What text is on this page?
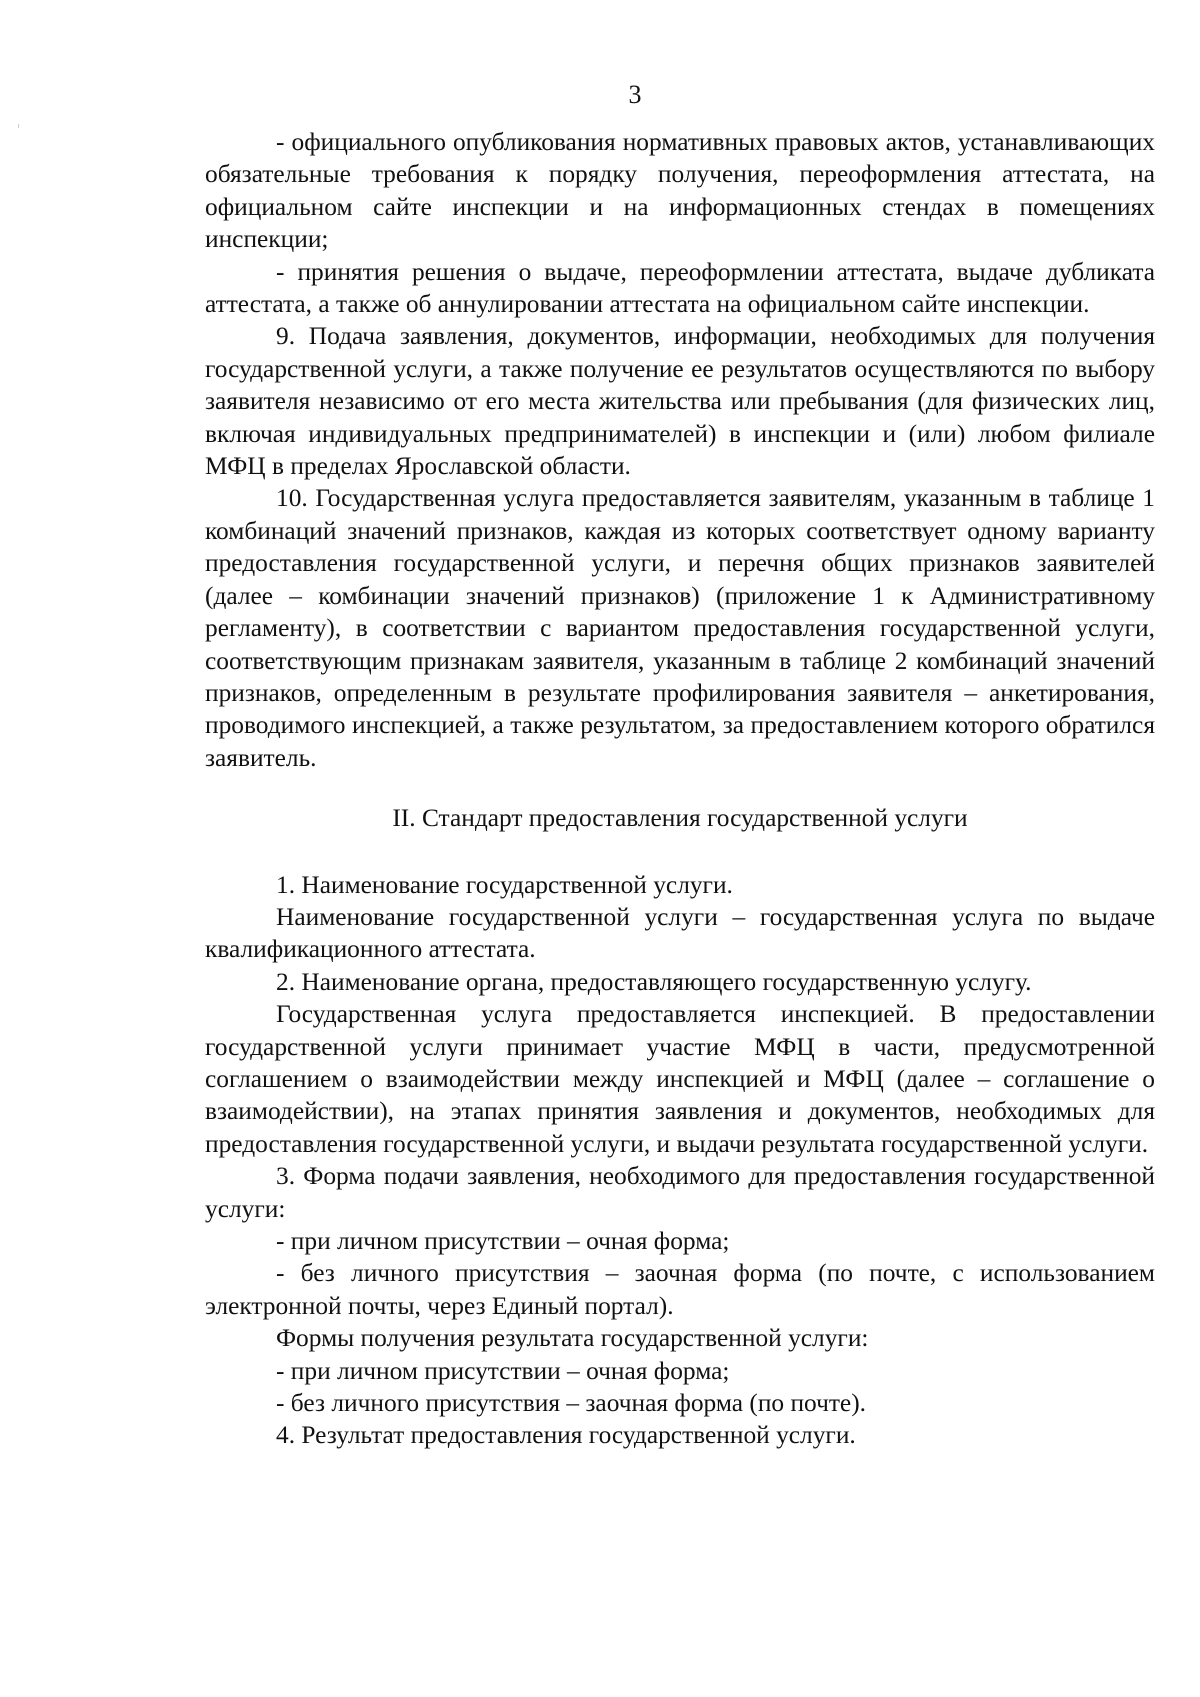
3

- официального опубликования нормативных правовых актов, устанавливающих обязательные требования к порядку получения, переоформления аттестата, на официальном сайте инспекции и на информационных стендах в помещениях инспекции;

- принятия решения о выдаче, переоформлении аттестата, выдаче дубликата аттестата, а также об аннулировании аттестата на официальном сайте инспекции.

9. Подача заявления, документов, информации, необходимых для получения государственной услуги, а также получение ее результатов осуществляются по выбору заявителя независимо от его места жительства или пребывания (для физических лиц, включая индивидуальных предпринимателей) в инспекции и (или) любом филиале МФЦ в пределах Ярославской области.

10. Государственная услуга предоставляется заявителям, указанным в таблице 1 комбинаций значений признаков, каждая из которых соответствует одному варианту предоставления государственной услуги, и перечня общих признаков заявителей (далее – комбинации значений признаков) (приложение 1 к Административному регламенту), в соответствии с вариантом предоставления государственной услуги, соответствующим признакам заявителя, указанным в таблице 2 комбинаций значений признаков, определенным в результате профилирования заявителя – анкетирования, проводимого инспекцией, а также результатом, за предоставлением которого обратился заявитель.

II. Стандарт предоставления государственной услуги

1. Наименование государственной услуги.

Наименование государственной услуги – государственная услуга по выдаче квалификационного аттестата.

2. Наименование органа, предоставляющего государственную услугу.

Государственная услуга предоставляется инспекцией. В предоставлении государственной услуги принимает участие МФЦ в части, предусмотренной соглашением о взаимодействии между инспекцией и МФЦ (далее – соглашение о взаимодействии), на этапах принятия заявления и документов, необходимых для предоставления государственной услуги, и выдачи результата государственной услуги.

3. Форма подачи заявления, необходимого для предоставления государственной услуги:

- при личном присутствии – очная форма;

- без личного присутствия – заочная форма (по почте, с использованием электронной почты, через Единый портал).

Формы получения результата государственной услуги:

- при личном присутствии – очная форма;

- без личного присутствия – заочная форма (по почте).

4. Результат предоставления государственной услуги.
